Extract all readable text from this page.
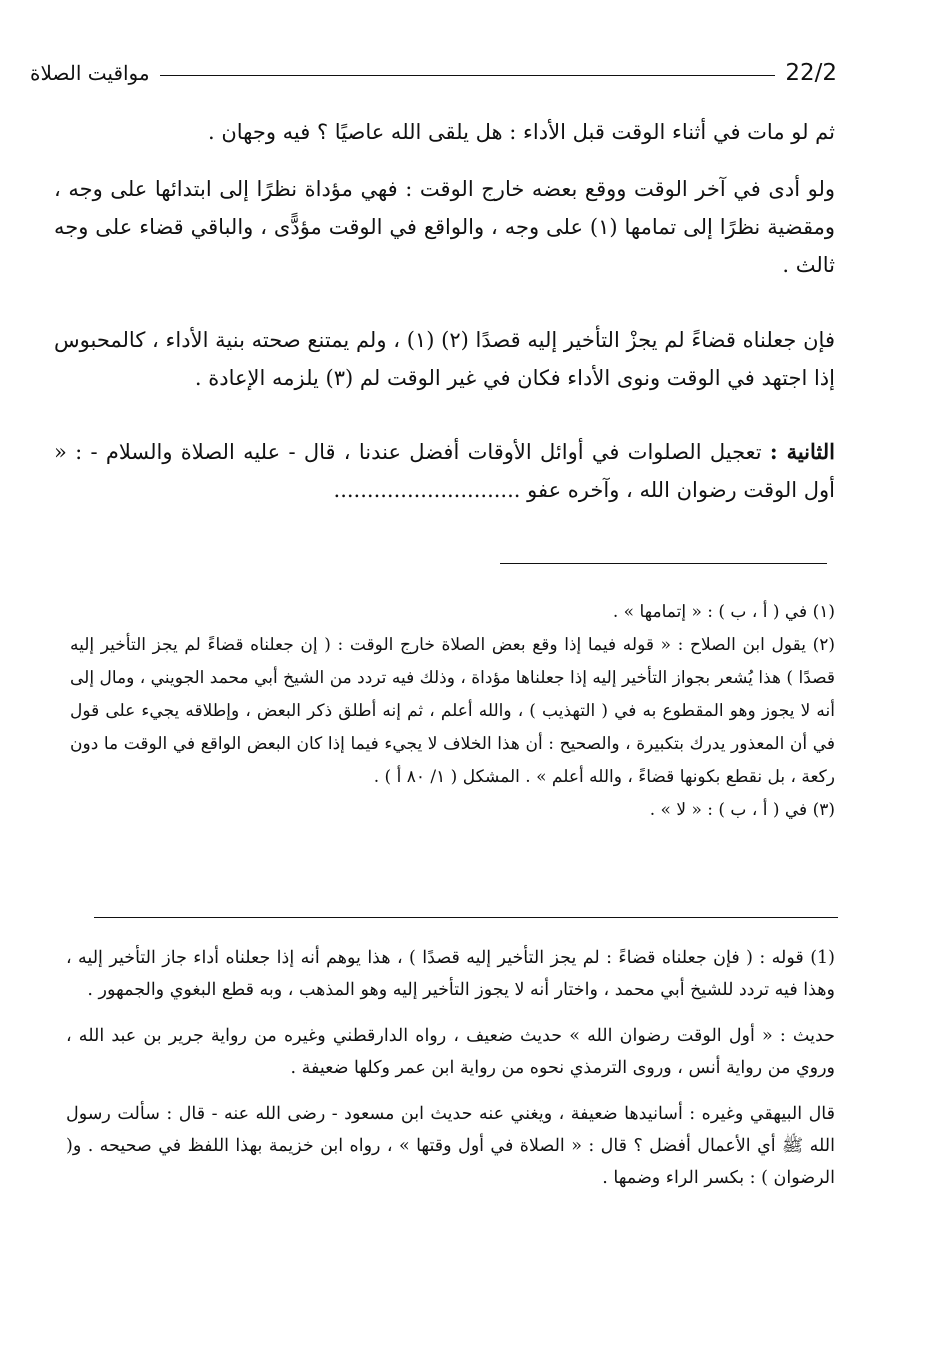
22/2
مواقيت الصلاة

ثم لو مات في أثناء الوقت قبل الأداء : هل يلقى الله عاصيًا ؟ فيه وجهان .

ولو أدى في آخر الوقت ووقع بعضه خارج الوقت : فهي مؤداة نظرًا إلى ابتدائها على وجه ، ومقضية نظرًا إلى تمامها (١) على وجه ، والواقع في الوقت مؤدًّى ، والباقي قضاء على وجه ثالث .

فإن جعلناه قضاءً لم يجزْ التأخير إليه قصدًا (٢) (١) ، ولم يمتنع صحته بنية الأداء ، كالمحبوس إذا اجتهد في الوقت ونوى الأداء فكان في غير الوقت لم (٣) يلزمه الإعادة .

الثانية : تعجيل الصلوات في أوائل الأوقات أفضل عندنا ، قال - عليه الصلاة والسلام - : « أول الوقت رضوان الله ، وآخره عفو ............................

(١) في ( أ ، ب ) : « إتمامها » .

(٢) يقول ابن الصلاح : « قوله فيما إذا وقع بعض الصلاة خارج الوقت : ( إن جعلناه قضاءً لم يجز التأخير إليه قصدًا ) هذا يُشعر بجواز التأخير إليه إذا جعلناها مؤداة ، وذلك فيه تردد من الشيخ أبي محمد الجويني ، ومال إلى أنه لا يجوز وهو المقطوع به في ( التهذيب ) ، والله أعلم ، ثم إنه أطلق ذكر البعض ، وإطلاقه يجيء على قول في أن المعذور يدرك بتكبيرة ، والصحيح : أن هذا الخلاف لا يجيء فيما إذا كان البعض الواقع في الوقت ما دون ركعة ، بل نقطع بكونها قضاءً ، والله أعلم » . المشكل ( ١/ ٨٠ أ ) .

(٣) في ( أ ، ب ) : « لا » .

(1) قوله : ( فإن جعلناه قضاءً : لم يجز التأخير إليه قصدًا ) ، هذا يوهم أنه إذا جعلناه أداء جاز التأخير إليه ، وهذا فيه تردد للشيخ أبي محمد ، واختار أنه لا يجوز التأخير إليه وهو المذهب ، وبه قطع البغوي والجمهور .

حديث : « أول الوقت رضوان الله » حديث ضعيف ، رواه الدارقطني وغيره من رواية جرير بن عبد الله ، وروي من رواية أنس ، وروى الترمذي نحوه من رواية ابن عمر وكلها ضعيفة .

قال البيهقي وغيره : أسانيدها ضعيفة ، ويغني عنه حديث ابن مسعود - رضى الله عنه - قال : سألت رسول الله ﷺ أي الأعمال أفضل ؟ قال : « الصلاة في أول وقتها » ، رواه ابن خزيمة بهذا اللفظ في صحيحه . و( الرضوان ) : بكسر الراء وضمها .
